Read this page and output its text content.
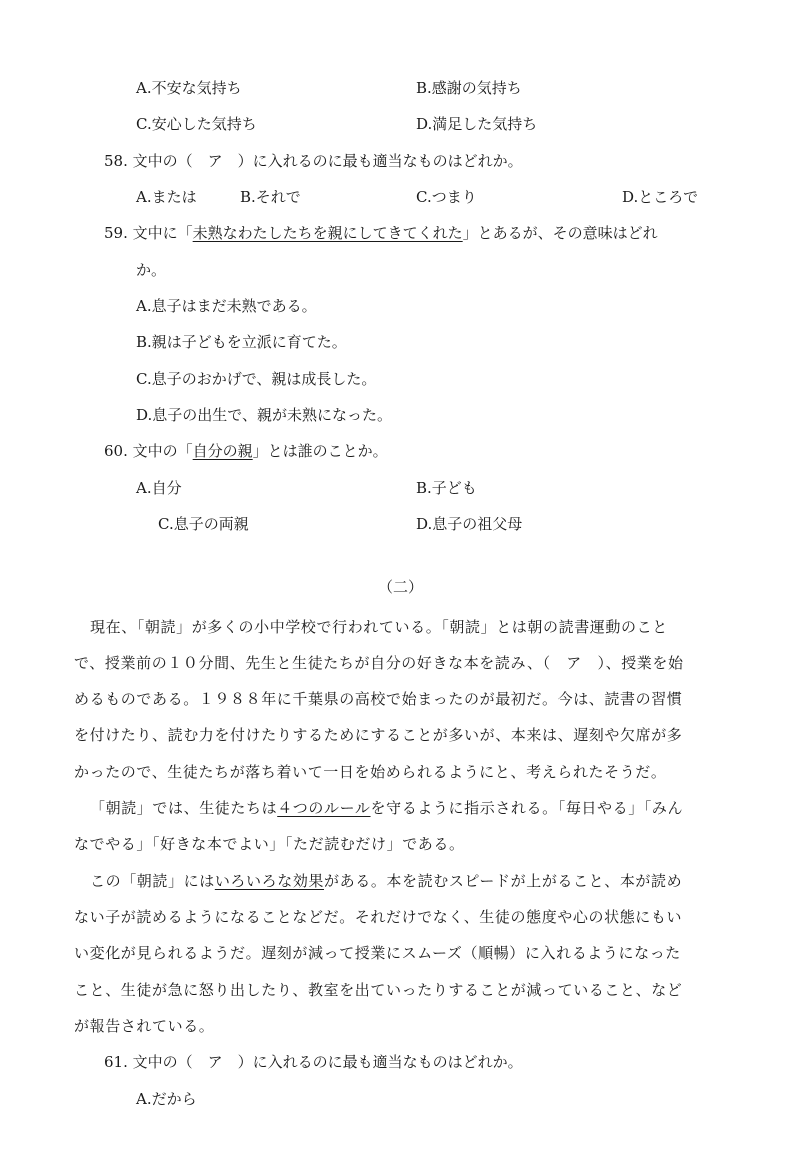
A.不安な気持ち	B.感謝の気持ち
C.安心した気持ち	D.満足した気持ち
58. 文中の（　ア　）に入れるのに最も適当なものはどれか。
A.または	B.それで	C.つまり	D.ところで
59. 文中に「未熟なわたしたちを親にしてきてくれた」とあるが、その意味はどれ
か。
A.息子はまだ未熟である。
B.親は子どもを立派に育てた。
C.息子のおかげで、親は成長した。
D.息子の出生で、親が未熟になった。
60. 文中の「自分の親」とは誰のことか。
A.自分	B.子ども
C.息子の両親	D.息子の祖父母
（二）
現在、「朝読」が多くの小中学校で行われている。「朝読」とは朝の読書運動のこと
で、授業前の１０分間、先生と生徒たちが自分の好きな本を読み、（　ア　）、授業を始
めるものである。１９８８年に千葉県の高校で始まったのが最初だ。今は、読書の習慣
を付けたり、読む力を付けたりするためにすることが多いが、本来は、遅刻や欠席が多
かったので、生徒たちが落ち着いて一日を始められるようにと、考えられたそうだ。
「朝読」では、生徒たちは４つのルールを守るように指示される。「毎日やる」「みん
なでやる」「好きな本でよい」「ただ読むだけ」である。
この「朝読」にはいろいろな効果がある。本を読むスピードが上がること、本が読め
ない子が読めるようになることなどだ。それだけでなく、生徒の態度や心の状態にもい
い変化が見られるようだ。遅刻が減って授業にスムーズ（順暢）に入れるようになった
こと、生徒が急に怒り出したり、教室を出ていったりすることが減っていること、など
が報告されている。
61. 文中の（　ア　）に入れるのに最も適当なものはどれか。
A.だから
